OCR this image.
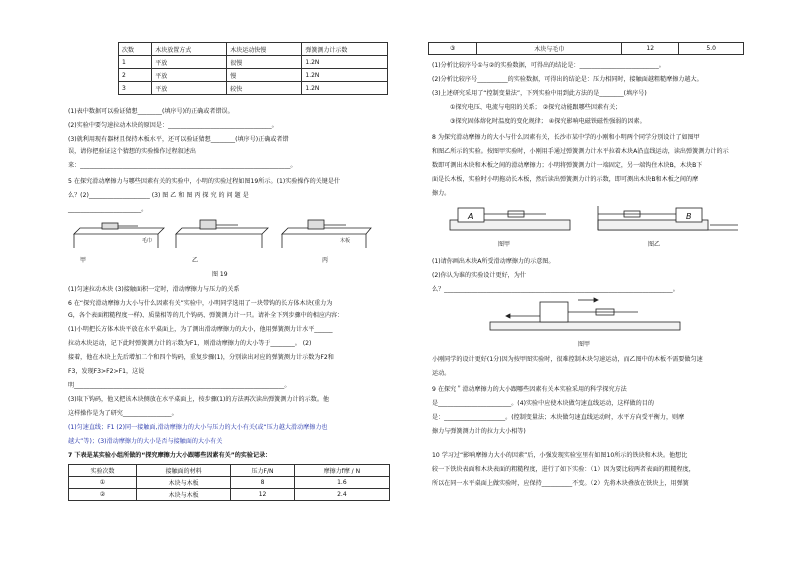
次数	木块放置方式	木块运动快慢	弹簧测力计示数
1	平放	很慢	1.2N
2	平放	慢	1.2N
3	平放	较快	1.2N
(1)表中数据可以验证猜想________(填序号)的正确或者错误。
(2)实验中要匀速拉动木块的原因是：__________________________________。
(3)就利用现有器材且保持木板水平，还可以验证猜想________(填序号)正确或者错
误，请你把验证这个猜想的实验操作过程叙述出
来：_____________________________________________________________________。
5 在探究滑动摩擦力与哪些因素有关的实验中，小明的实验过程如图19所示。(1)实验操作的关键是什
么？(2)____________________ (3) 图 乙 和 图 丙 探 究 的 问 题 是
________________________。
毛巾	木板
甲	乙	丙
图 19
(1)匀速拉动木块 (3)接触面积一定时，滑动摩擦力与压力的关系
6 在“探究滑动摩擦力大小与什么因素有关”实验中，小明同学选用了一块带钩的长方体木块(重力为
G，各个表面粗糙程度一样)、质量相等的几个钩码、弹簧测力计一只。请补全下列步骤中的相应内容：
(1)小明把长方体木块平放在水平桌面上，为了测出滑动摩擦力的大小，他用弹簧测力计水平______
拉动木块运动，记下此时弹簧测力计的示数为F1，则滑动摩擦力的大小等于________。 (2)
接着，他在木块上先后增加二个和四个钩码，重复步骤(1)，分别读出对应的弹簧测力计示数为F2和
F3，发现F3>F2>F1，这说
明_____________________________________________________________________。
(3)取下钩码，他又把该木块侧放在水平桌面上，按步骤(1)的方法再次读出弹簧测力计的示数。他
这样操作是为了研究________________。
(1)匀速直线；F1 (2)同一接触面,滑动摩擦力的大小与压力的大小有关(或“压力越大滑动摩擦力也
越大”等)；(3)滑动摩擦力的大小是否与接触面的大小有关
7 下表是某实验小组所做的“探究摩擦力大小跟哪些因素有关”的实验记录：
实验次数	接触面的材料	压力F/N	摩擦力f摩 / N
①	木块与木板	8	1.6
②	木块与木板	12	2.4
③	木块与毛巾	12	5.0
(1)分析比较序号①与②的实验数据，可得出的结论是：__________________________。
(2)分析比较序号__________的实验数据，可得出的结论是：压力相同时，接触面越粗糙摩擦力越大。
(3)上述研究采用了“控制变量法”，下列实验中用到此方法的是________(填序号)
①探究电压、电流与电阻的关系； ②探究动能跟哪些因素有关；
③探究固体熔化时温度的变化规律； ④探究影响电磁铁磁性强弱的因素。
8 为探究滑动摩擦力的大小与什么因素有关，长沙市某中学的小刚和小明两个同学分别设计了如图甲
和图乙所示的实验。按图甲实验时，小刚用手通过弹簧测力计水平拉着木块A沿直线运动，读出弹簧测力计的示
数即可测出木块和木板之间的滑动摩擦力；小明将弹簧测力计一端固定，另一端钩住木块B，木块B下
面是长木板，实验时小明拖动长木板，然后读出弹簧测力计的示数，即可测出木块B和木板之间的摩
擦力。
A	B
图甲	图乙
(1)请你画出木块A所受滑动摩擦力的示意图。
(2)你认为谁的实验设计更好，为什
么？___________________________________________________________________________。
图甲
小刚同学的设计更好(1分)因为按甲图实验时，很难控制木块匀速运动，而乙图中的木板不需要做匀速
运动。
9 在探究＂滑动摩擦力的大小跟哪些因素有关本实验采用的科学探究方法
是________________________。(4)实验中应使木块做匀速直线运动，这样做的目的
是：____________________。(控制变量法；木块做匀速直线运动时，水平方向受平衡力，则摩
擦力与弹簧测力计的拉力大小相等)
10 学习过“影响摩擦力大小的因素”后，小强发现实验室里有如图10所示的铁块和木块。他想比
较一下铁块表面和木块表面的粗糙程度，进行了如下实验：（1）因为要比较两者表面的粗糙程度，
所以在同一水平桌面上做实验时，应保持__________不变。（2）先将木块叠放在铁块上，用弹簧
